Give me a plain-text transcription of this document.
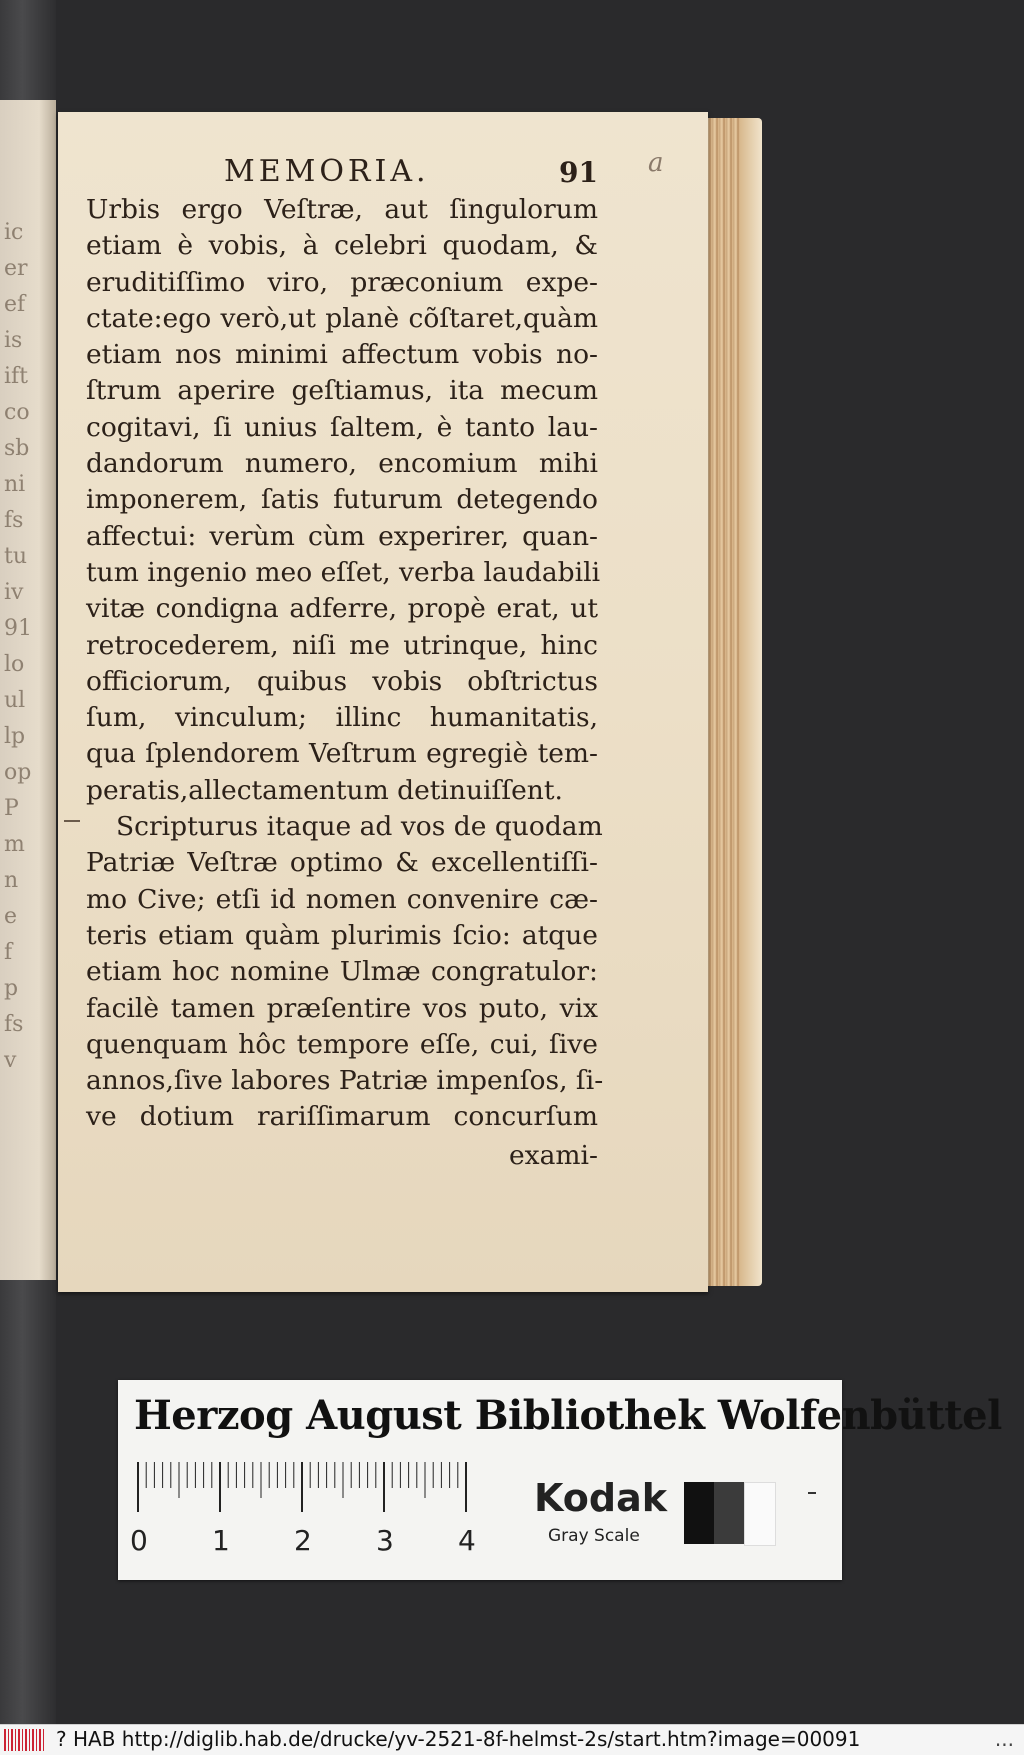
ic
er
ef
is
ift
co
sb
ni
fs
tu
iv
91
lo
ul
lp
op
P
m
n
e
f
p
fs
v
a
MEMORIA.	91
Urbis ergo Veſtræ, aut ſingulorum
etiam è vobis, à celebri quodam, &
eruditiſſimo viro, præconium expe-
ctate:ego verò,ut planè cõſtaret,quàm
etiam nos minimi affectum vobis no-
ſtrum aperire geſtiamus, ita mecum
cogitavi, ſi unius ſaltem, è tanto lau-
dandorum numero, encomium mihi
imponerem, ſatis futurum detegendo
affectui: verùm cùm experirer, quan-
tum ingenio meo eſſet, verba laudabili
vitæ condigna adferre, propè erat, ut
retrocederem, niſi me utrinque, hinc
officiorum, quibus vobis obſtrictus
ſum, vinculum; illinc humanitatis,
qua ſplendorem Veſtrum egregiè tem-
peratis,allectamentum detinuiſſent.
Scripturus itaque ad vos de quodam
Patriæ Veſtræ optimo & excellentiſſi-
mo Cive; etſi id nomen convenire cæ-
teris etiam quàm plurimis ſcio: atque
etiam hoc nomine Ulmæ congratulor:
facilè tamen præſentire vos puto, vix
quenquam hôc tempore eſſe, cui, ſive
annos,ſive labores Patriæ impenſos, ſi-
ve dotium rariſſimarum concurſum
exami-
Herzog August Bibliothek Wolfenbüttel
0 1 2 3 4
Kodak
Gray Scale
? HAB http://diglib.hab.de/drucke/yv-2521-8f-helmst-2s/start.htm?image=00091	...
